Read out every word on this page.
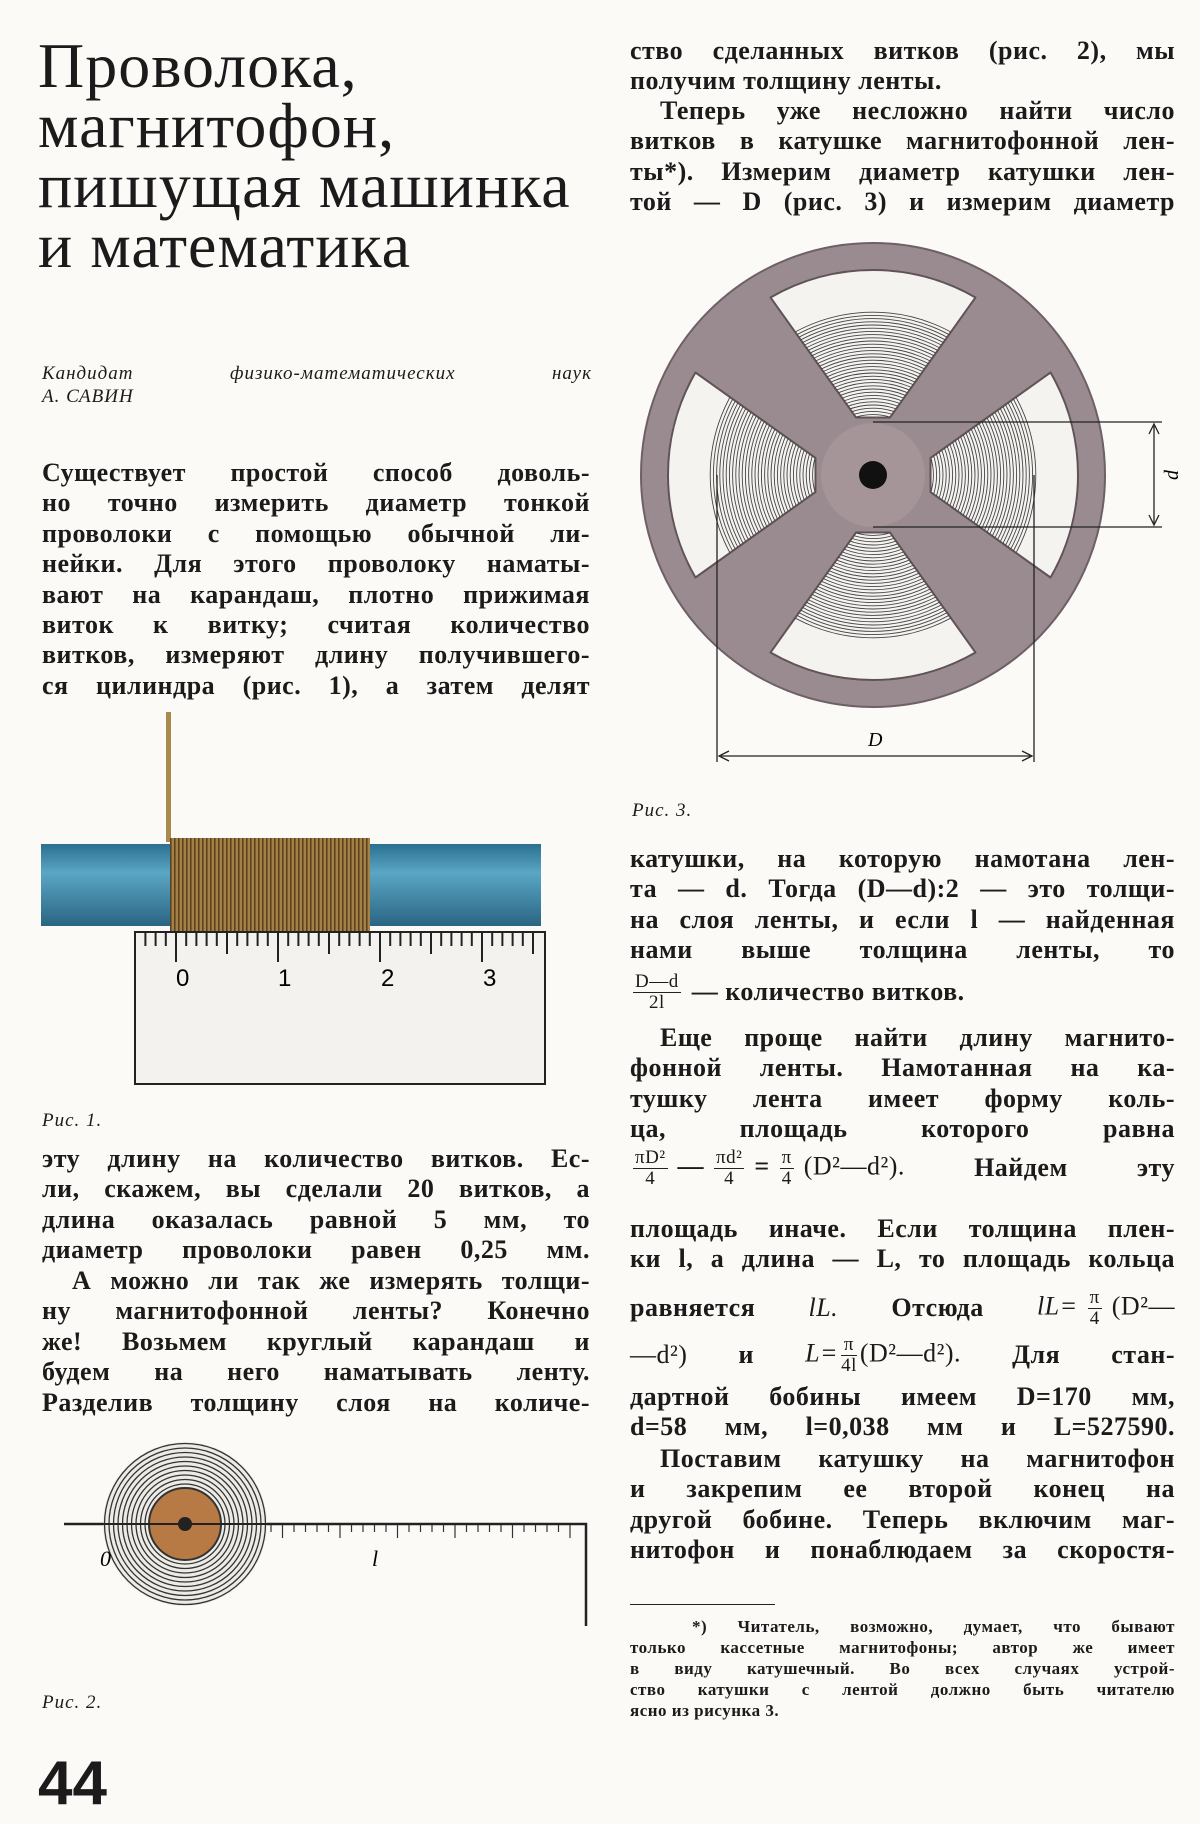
Проволока,
магнитофон,
пишущая машинка
и математика
Кандидат	физико-математических	наук
А. САВИН
Существует простой способ доволь-
но точно измерить диаметр тонкой
проволоки с помощью обычной ли-
нейки. Для этого проволоку наматы-
вают на карандаш, плотно прижимая
виток к витку; считая количество
витков, измеряют длину получившего-
ся цилиндра (рис. 1), а затем делят
0	1	2	3
Рис. 1.
эту длину на количество витков. Ес-
ли, скажем, вы сделали 20 витков, а
длина оказалась равной 5 мм, то
диаметр проволоки равен 0,25 мм.
А можно ли так же измерять толщи-
ну магнитофонной ленты? Конечно
же! Возьмем круглый карандаш и
будем на него наматывать ленту.
Разделив толщину слоя на количе-
0	l
Рис. 2.
44
ство сделанных витков (рис. 2), мы
получим толщину ленты.
Теперь уже несложно найти число
витков в катушке магнитофонной лен-
ты*). Измерим диаметр катушки лен-
той — D (рис. 3) и измерим диаметр
d
D
Рис. 3.
катушки, на которую намотана лен-
та — d. Тогда (D—d):2 — это толщи-
на слоя ленты, и если l — найденная
нами выше толщина ленты, то
$\frac{D—d}{2l}$ — количество витков.
Еще проще найти длину магнито-
фонной ленты. Намотанная на ка-
тушку лента имеет форму коль-
ца, площадь которого равна
$\frac{\text{πD²}}{4}$ — $\frac{\text{πd²}}{4} = \frac{\pi}{4}$ (D²—d²).	Найдем	эту
площадь иначе. Если толщина плен-
ки l, а длина — L, то площадь кольца
равняется lL. Отсюда $lL= \frac{\pi}{4}$ (D²—
—d²) и $L= \frac{\pi}{4l}$ (D²—d²). Для стан-
дартной бобины имеем D=170 мм,
d=58 мм, l=0,038 мм и L=527590.
Поставим катушку на магнитофон
и закрепим ее второй конец на
другой бобине. Теперь включим маг-
нитофон и понаблюдаем за скоростя-
*) Читатель, возможно, думает, что бывают
только кассетные магнитофоны; автор же имеет
в виду катушечный. Во всех случаях устрой-
ство катушки с лентой должно быть читателю
ясно из рисунка 3.
